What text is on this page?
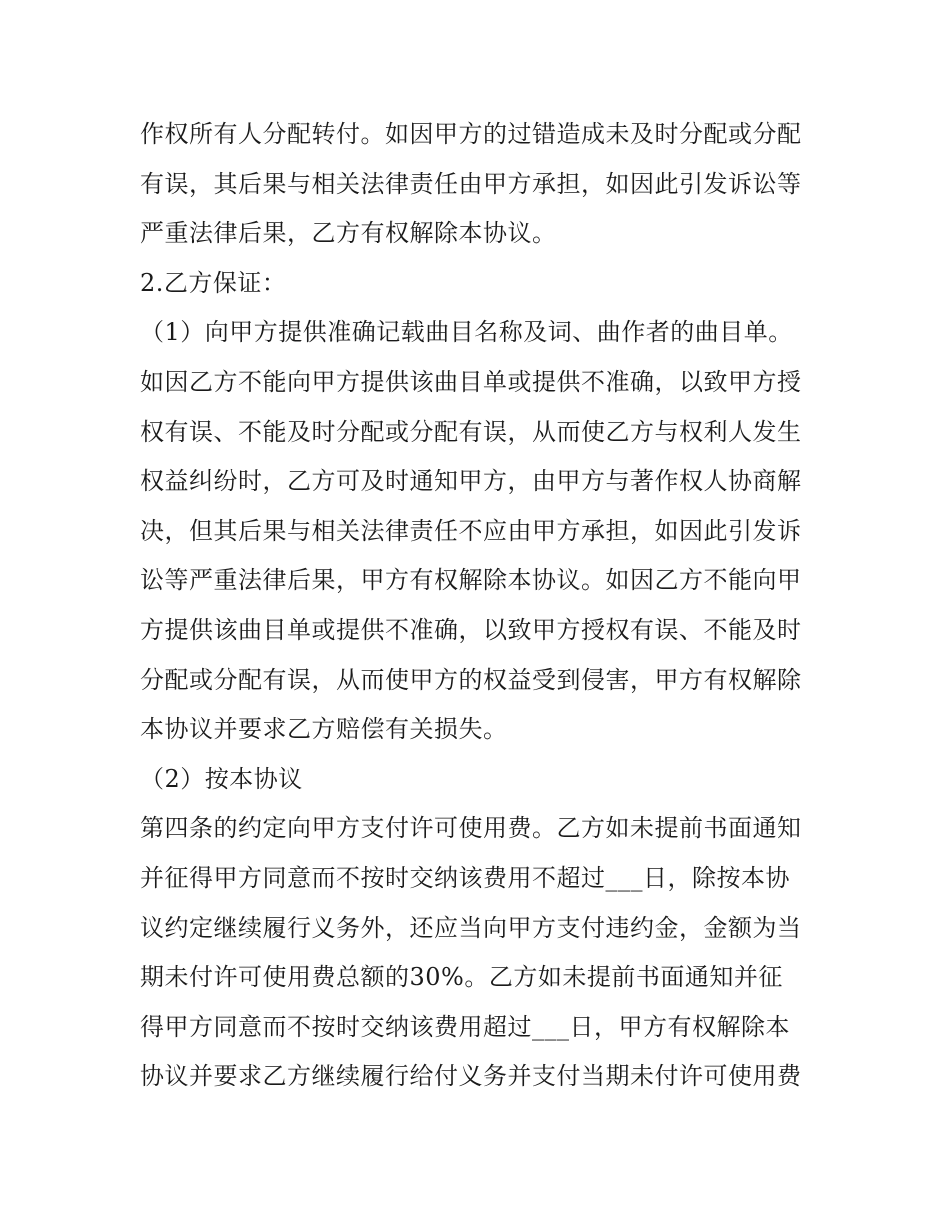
作权所有人分配转付。如因甲方的过错造成未及时分配或分配
有误，其后果与相关法律责任由甲方承担，如因此引发诉讼等
严重法律后果，乙方有权解除本协议。
2.乙方保证：
（1）向甲方提供准确记载曲目名称及词、曲作者的曲目单。
如因乙方不能向甲方提供该曲目单或提供不准确，以致甲方授
权有误、不能及时分配或分配有误，从而使乙方与权利人发生
权益纠纷时，乙方可及时通知甲方，由甲方与著作权人协商解
决，但其后果与相关法律责任不应由甲方承担，如因此引发诉
讼等严重法律后果，甲方有权解除本协议。如因乙方不能向甲
方提供该曲目单或提供不准确，以致甲方授权有误、不能及时
分配或分配有误，从而使甲方的权益受到侵害，甲方有权解除
本协议并要求乙方赔偿有关损失。
（2）按本协议
第四条的约定向甲方支付许可使用费。乙方如未提前书面通知
并征得甲方同意而不按时交纳该费用不超过___日，除按本协
议约定继续履行义务外，还应当向甲方支付违约金，金额为当
期未付许可使用费总额的30%。乙方如未提前书面通知并征
得甲方同意而不按时交纳该费用超过___日，甲方有权解除本
协议并要求乙方继续履行给付义务并支付当期未付许可使用费
